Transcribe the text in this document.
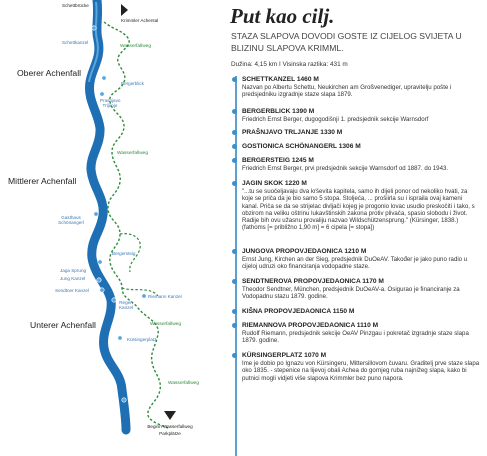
Schettbrücke
Krimmler Achental
Schettkanzel
Wasserfallweg
Bergerblick
Prasnjavo Trljanje
Wasserfallweg
Gasthaus Schönangerl
Bergersteig
Jaga Sprung
Jung Kanzel
Sendtner Kanzel
Riemann Kanzel
Regen Kanzel
Kürsingerplatz
Wasserfallweg
Wasserfallweg
Beginn Wasserfallweg
Parkplätze
Oberer Achenfall
Mittlerer Achenfall
Unterer Achenfall
Put kao cilj.
STAZA SLAPOVA DOVODI GOSTE IZ CIJELOG SVIJETA U BLIZINU SLAPOVA KRIMML.
Dužina: 4,15 km I Visinska razlika: 431 m
SCHETTKANZEL 1460 M
Nazvan po Albertu Schettu, Neukirchen am Großvenediger, upravitelju pošte i predsjedniku izgradnje staze slapa 1879.
BERGERBLICK 1390 M
Friedrich Ernst Berger, dugogodišnji 1. predsjednik sekcije Warnsdorf
PRAŠNJAVO TRLJANJE 1330 M
GOSTIONICA SCHÖNANGERL 1306 M
BERGERSTEIG 1245 M
Friedrich Ernst Berger, prvi predsjednik sekcije Warnsdorf od 1887. do 1943.
JAGIN SKOK 1220 M
"...tu se suočeljavaju dva krševita kapitela, samo ih dijeli ponor od nekoliko hvati, za koje se priča da je bio samo 5 stopa. Stoljeća, ... prošiirla su i ispraila ovaj kameni kanal. Priča se da se strijelac divljači kojeg je progonio lovac usudio preskočiti i tako, s obzirom na veliku oštrinu lukavštinskih zakona protiv plivača, spasio slobodu i život. Radije bih ovu užasnu provaliju nazvao Wildschützensprung." (Kürsinger, 1838.) (fathoms [= približno 1,90 m] = 6 cipela [= stopa])
JUNGOVA PROPOVJEDAONICA 1210 M
Ernst Jung, Kirchen an der Sieg, predsjednik DuOeAV. Također je jako puno radio u cijeloj udruzi oko financiranja vodopadne staze.
SENDTNEROVA PROPOVJEDAONICA 1170 M
Theodor Sendtner, München, predsjednik DuOeAV-a. Osigurao je financiranje za Vodopadnu stazu 1879. godine.
KIŠNA PROPOVJEDAONICA 1150 M
RIEMANNOVA PROPOVJEDAONICA 1110 M
Rudolf Riemann, predsjednik sekcije OeAV Pinzgau i pokretač izgradnje staze slapa 1879. godine.
KÜRSINGERPLATZ 1070 M
Ime je dobio po Ignazu von Kürsingeru, Mittersillovom čuvaru. Graditelj prve staze slapa oko 1835. - stepenice na lijevoj obali Achea do gornjeg ruba najnižeg slapa, kako bi putnici mogli vidjeti više slapova Krimmler bez puno napora.
